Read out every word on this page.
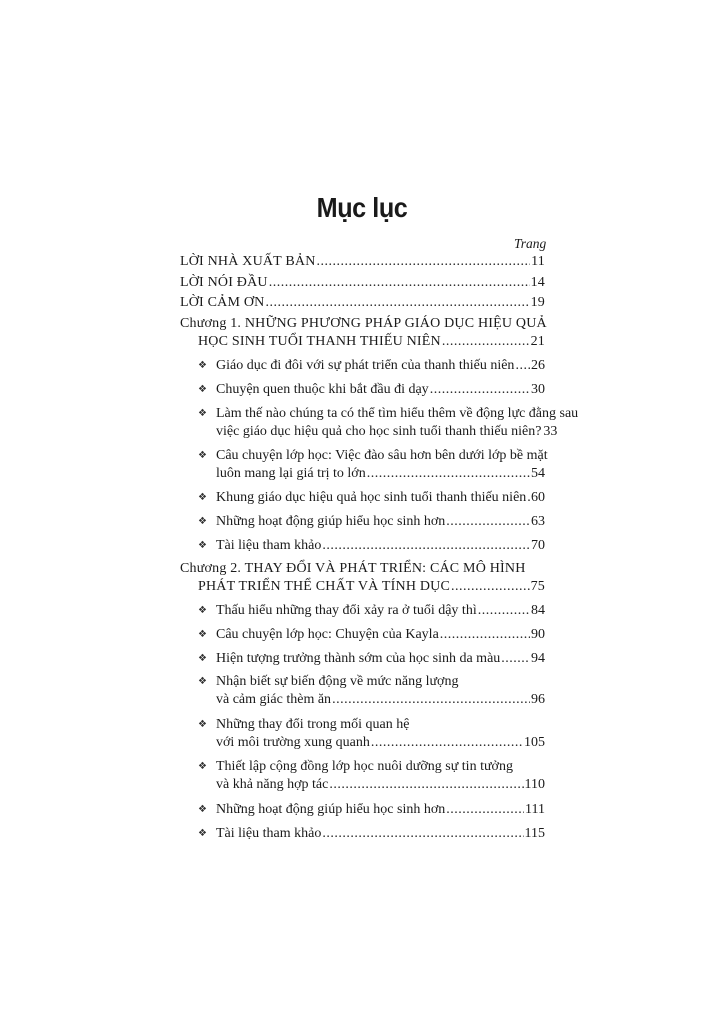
Mục lục
Trang
LỜI NHÀ XUẤT BẢN .....	11
LỜI NÓI ĐẦU .....	14
LỜI CẢM ƠN .....	19
Chương 1. NHỮNG PHƯƠNG PHÁP GIÁO DỤC HIỆU QUẢ
HỌC SINH TUỔI THANH THIẾU NIÊN .....	21
❖ Giáo dục đi đôi với sự phát triển của thanh thiếu niên ..... 26
❖ Chuyện quen thuộc khi bắt đầu đi dạy .....	30
❖ Làm thế nào chúng ta có thể tìm hiểu thêm về động lực đằng sau
việc giáo dục hiệu quả cho học sinh tuổi thanh thiếu niên? 33
❖ Câu chuyện lớp học: Việc đào sâu hơn bên dưới lớp bề mặt
luôn mang lại giá trị to lớn .....	54
❖ Khung giáo dục hiệu quả học sinh tuổi thanh thiếu niên ..... 60
❖ Những hoạt động giúp hiểu học sinh hơn .....	63
❖ Tài liệu tham khảo .....	70
Chương 2. THAY ĐỔI VÀ PHÁT TRIỂN: CÁC MÔ HÌNH
PHÁT TRIỂN THỂ CHẤT VÀ TÍNH DỤC .....	75
❖ Thấu hiểu những thay đổi xảy ra ở tuổi dậy thì .....	84
❖ Câu chuyện lớp học: Chuyện của Kayla .....	90
❖ Hiện tượng trưởng thành sớm của học sinh da màu ..... 94
❖ Nhận biết sự biến động về mức năng lượng
và cảm giác thèm ăn .....	96
❖ Những thay đổi trong mối quan hệ
với môi trường xung quanh .....	105
❖ Thiết lập cộng đồng lớp học nuôi dưỡng sự tin tưởng
và khả năng hợp tác .....	110
❖ Những hoạt động giúp hiểu học sinh hơn .....	111
❖ Tài liệu tham khảo .....	115
